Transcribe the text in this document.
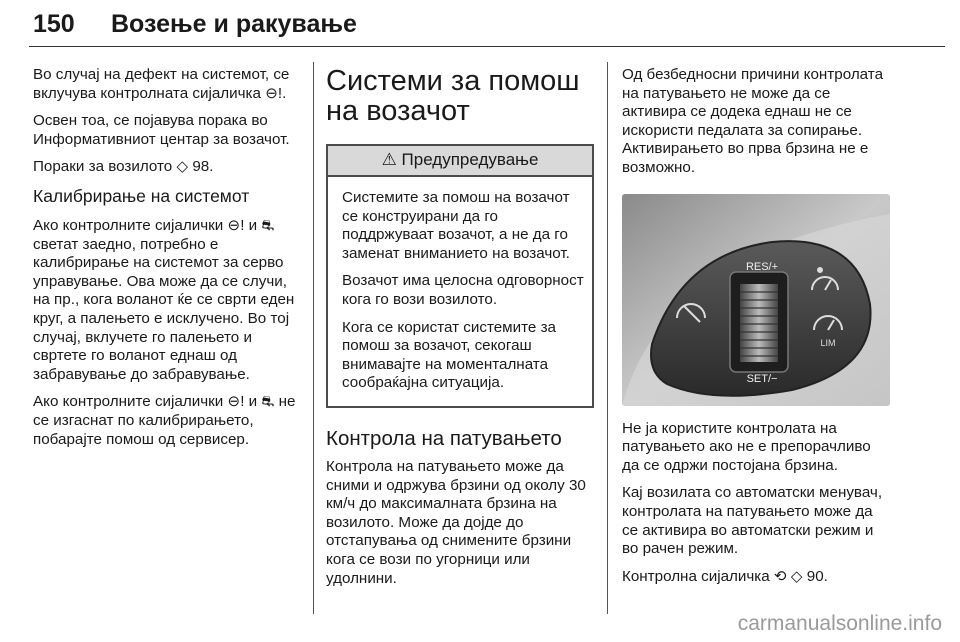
150 Возење и ракување

Во случај на дефект на системот, се вклучува контролната сијаличка ⊖!.

Освен тоа, се појавува порака во Информативниот центар за возачот.

Пораки за возилото ◇ 98.

Калибрирање на системот

Ако контролните сијалички ⊖! и ⛐ светат заедно, потребно е калибрирање на системот за серво управување. Ова може да се случи, на пр., кога воланот ќе се сврти еден круг, а палењето е исклучено. Во тој случај, вклучете го палењето и свртете го воланот еднаш од забравување до забравување.

Ако контролните сијалички ⊖! и ⛐ не се изгаснат по калибрирањето, побарајте помош од сервисер.

Системи за помош на возачот
⚠ Предупредување

Системите за помош на возачот се конструирани да го поддржуваат возачот, а не да го заменат вниманието на возачот.

Возачот има целосна одговорност кога го вози возилото.

Кога се користат системите за помош за возачот, секогаш внимавајте на моменталната сообраќајна ситуација.

Контрола на патувањето

Контрола на патувањето може да сними и одржува брзини од околу 30 км/ч до максималната брзина на возилото. Може да дојде до отстапувања од снимените брзини кога се вози по угорници или удолнини.

Од безбедносни причини контролата на патувањето не може да се активира се додека еднаш не се искористи педалата за сопирање. Активирањето во прва брзина не е возможно.

RES/+
SET/−
LIM

Не ја користите контролата на патувањето ако не е препорачливо да се одржи постојана брзина.

Кај возилата со автоматски менувач, контролата на патувањето може да се активира во автоматски режим и во рачен режим.

Контролна сијаличка ⟲ ◇ 90.

carmanualsonline.info
